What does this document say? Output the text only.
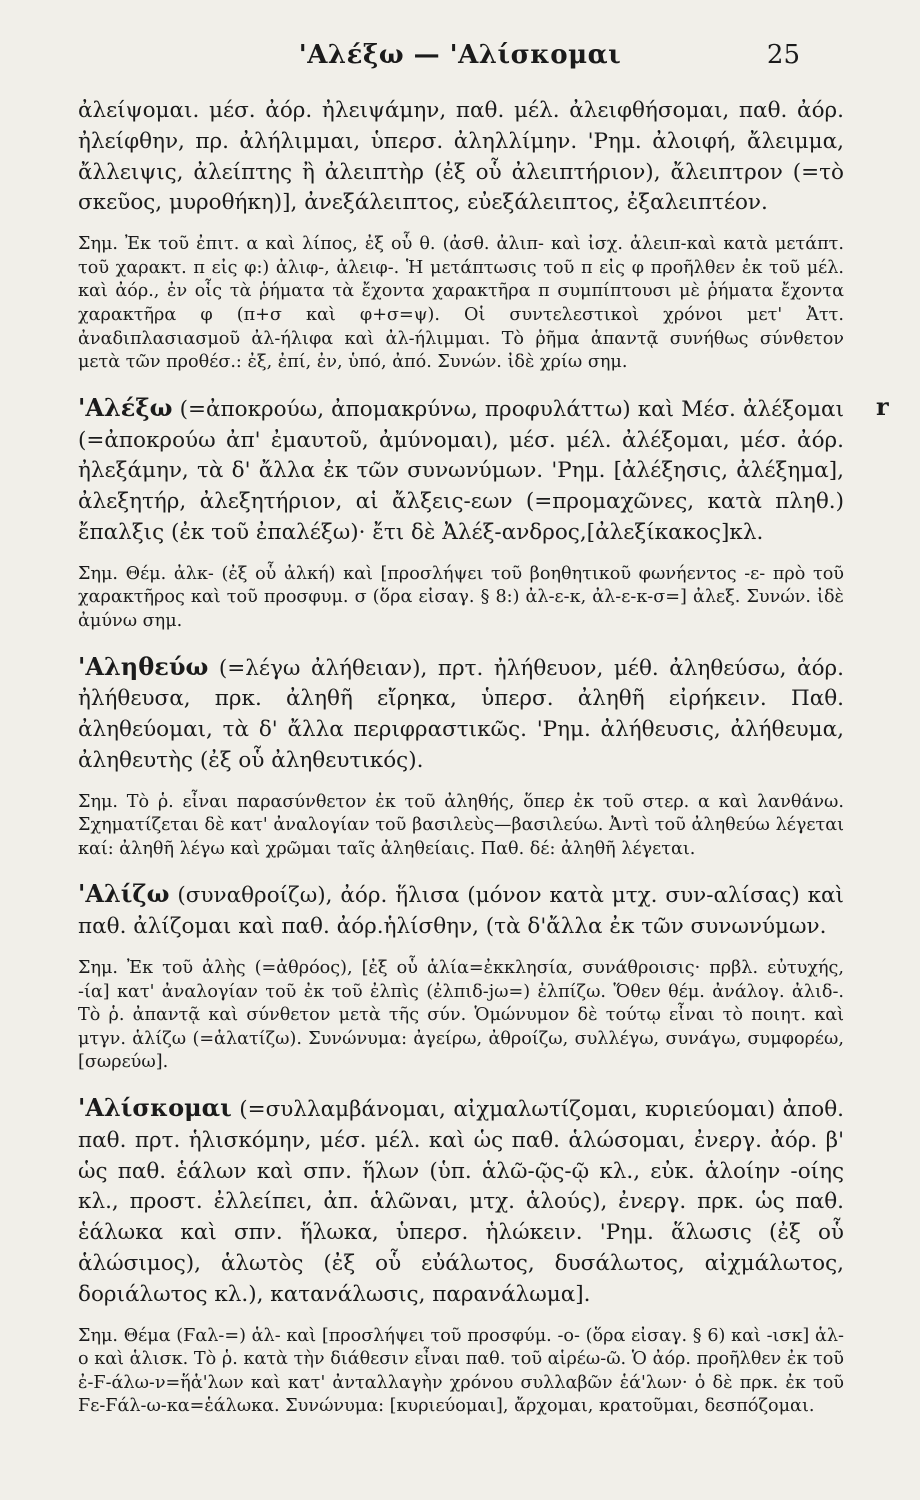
'Αλέξω — 'Αλίσκομαι	25
r

ἀλείψομαι. μέσ. ἀόρ. ἠλειψάμην, παθ. μέλ. ἀλειφθήσομαι, παθ. ἀόρ. ἠλείφθην, πρ. ἀλήλιμμαι, ὑπερσ. ἀληλλίμην. 'Ρημ. ἀλοιφή, ἄλειμμα, ἄλλειψις, ἀλείπτης ἢ ἀλειπτὴρ (ἐξ οὗ ἀλειπτήριον), ἄλειπτρον (=τὸ σκεῦος, μυροθήκη)], ἀνεξάλειπτος, εὐεξάλειπτος, ἐξαλειπτέον.

Σημ. Ἐκ τοῦ ἐπιτ. α καὶ λίπος, ἐξ οὗ θ. (ἀσθ. ἀλιπ- καὶ ἰσχ. ἀλειπ-καὶ κατὰ μετάπτ. τοῦ χαρακτ. π εἰς φ:) ἀλιφ-, ἀλειφ-. Ἡ μετάπτωσις τοῦ π εἰς φ προῆλθεν ἐκ τοῦ μέλ. καὶ ἀόρ., ἐν οἷς τὰ ῥήματα τὰ ἔχοντα χαρακτῆρα π συμπίπτουσι μὲ ῥήματα ἔχοντα χαρακτῆρα φ (π+σ καὶ φ+σ=ψ). Οἱ συντελεστικοὶ χρόνοι μετ' Ἀττ. ἀναδιπλασιασμοῦ ἀλ-ήλιφα καὶ ἀλ-ήλιμμαι. Τὸ ῥῆμα ἁπαντᾷ συνήθως σύνθετον μετὰ τῶν προθέσ.: ἐξ, ἐπί, ἐν, ὑπό, ἀπό. Συνών. ἰδὲ χρίω σημ.

'Αλέξω (=ἀποκρούω, ἀπομακρύνω, προφυλάττω) καὶ Μέσ. ἀλέξομαι (=ἀποκρούω ἀπ' ἐμαυτοῦ, ἀμύνομαι), μέσ. μέλ. ἀλέξομαι, μέσ. ἀόρ. ἠλεξάμην, τὰ δ' ἄλλα ἐκ τῶν συνωνύμων. 'Ρημ. [ἀλέξησις, ἀλέξημα], ἀλεξητήρ, ἀλεξητήριον, αἱ ἄλξεις-εων (=προμαχῶνες, κατὰ πληθ.) ἔπαλξις (ἐκ τοῦ ἐπαλέξω)· ἔτι δὲ Ἀλέξ-ανδρος,[ἀλεξίκακος]κλ.

Σημ. Θέμ. ἀλκ- (ἐξ οὗ ἀλκή) καὶ [προσλήψει τοῦ βοηθητικοῦ φωνήεντος -ε- πρὸ τοῦ χαρακτῆρος καὶ τοῦ προσφυμ. σ (ὅρα εἰσαγ. § 8:) ἀλ-ε-κ, ἀλ-ε-κ-σ=] ἀλεξ. Συνών. ἰδὲ ἀμύνω σημ.

'Αληθεύω (=λέγω ἀλήθειαν), πρτ. ἠλήθευον, μέθ. ἀληθεύσω, ἀόρ. ἠλήθευσα, πρκ. ἀληθῆ εἴρηκα, ὑπερσ. ἀληθῆ εἰρήκειν. Παθ. ἀληθεύομαι, τὰ δ' ἄλλα περιφραστικῶς. 'Ρημ. ἀλήθευσις, ἀλήθευμα, ἀληθευτὴς (ἐξ οὗ ἀληθευτικός).

Σημ. Τὸ ῥ. εἶναι παρασύνθετον ἐκ τοῦ ἀληθής, ὅπερ ἐκ τοῦ στερ. α καὶ λανθάνω. Σχηματίζεται δὲ κατ' ἀναλογίαν τοῦ βασιλεὺς—βασιλεύω. Ἀντὶ τοῦ ἀληθεύω λέγεται καί: ἀληθῆ λέγω καὶ χρῶμαι ταῖς ἀληθείαις. Παθ. δέ: ἀληθῆ λέγεται.

'Αλίζω (συναθροίζω), ἀόρ. ἥλισα (μόνον κατὰ μτχ. συν-αλίσας) καὶ παθ. ἀλίζομαι καὶ παθ. ἀόρ.ἡλίσθην, (τὰ δ'ἄλλα ἐκ τῶν συνωνύμων.

Σημ. Ἐκ τοῦ ἀλὴς (=ἀθρόος), [ἐξ οὗ ἁλία=ἐκκλησία, συνάθροισις· πρβλ. εὐτυχής, -ία] κατ' ἀναλογίαν τοῦ ἐκ τοῦ ἐλπὶς (ἐλπιδ-jω=) ἐλπίζω. Ὅθεν θέμ. ἀνάλογ. ἀλιδ-. Τὸ ῥ. ἀπαντᾷ καὶ σύνθετον μετὰ τῆς σύν. Ὁμώνυμον δὲ τούτῳ εἶναι τὸ ποιητ. καὶ μτγν. ἁλίζω (=ἁλατίζω). Συνώνυμα: ἀγείρω, ἀθροίζω, συλλέγω, συνάγω, συμφορέω, [σωρεύω].

'Αλίσκομαι (=συλλαμβάνομαι, αἰχμαλωτίζομαι, κυριεύομαι) ἀποθ. παθ. πρτ. ἡλισκόμην, μέσ. μέλ. καὶ ὡς παθ. ἁλώσομαι, ἐνεργ. ἀόρ. β' ὡς παθ. ἑάλων καὶ σπν. ἥλων (ὑπ. ἁλῶ-ῷς-ῷ κλ., εὐκ. ἁλοίην -οίης κλ., προστ. ἐλλείπει, ἀπ. ἁλῶναι, μτχ. ἁλούς), ἐνεργ. πρκ. ὡς παθ. ἑάλωκα καὶ σπν. ἥλωκα, ὑπερσ. ἡλώκειν. 'Ρημ. ἅλωσις (ἐξ οὗ ἁλώσιμος), ἁλωτὸς (ἐξ οὗ εὐάλωτος, δυσάλωτος, αἰχμάλωτος, δοριάλωτος κλ.), κατανάλωσις, παρανάλωμα].

Σημ. Θέμα (Ϝαλ-=) ἁλ- καὶ [προσλήψει τοῦ προσφύμ. -ο- (ὅρα εἰσαγ. § 6) καὶ -ισκ] ἁλ-ο καὶ ἁλισκ. Τὸ ῥ. κατὰ τὴν διάθεσιν εἶναι παθ. τοῦ αἱρέω-ῶ. Ὁ ἀόρ. προῆλθεν ἐκ τοῦ ἐ-Ϝ-άλω-ν=ἥἁ'λων καὶ κατ' ἀνταλλαγὴν χρόνου συλλαβῶν ἑά'λων· ὁ δὲ πρκ. ἐκ τοῦ Ϝε-Ϝάλ-ω-κα=ἑάλωκα. Συνώνυμα: [κυριεύομαι], ἄρχομαι, κρατοῦμαι, δεσπόζομαι.
